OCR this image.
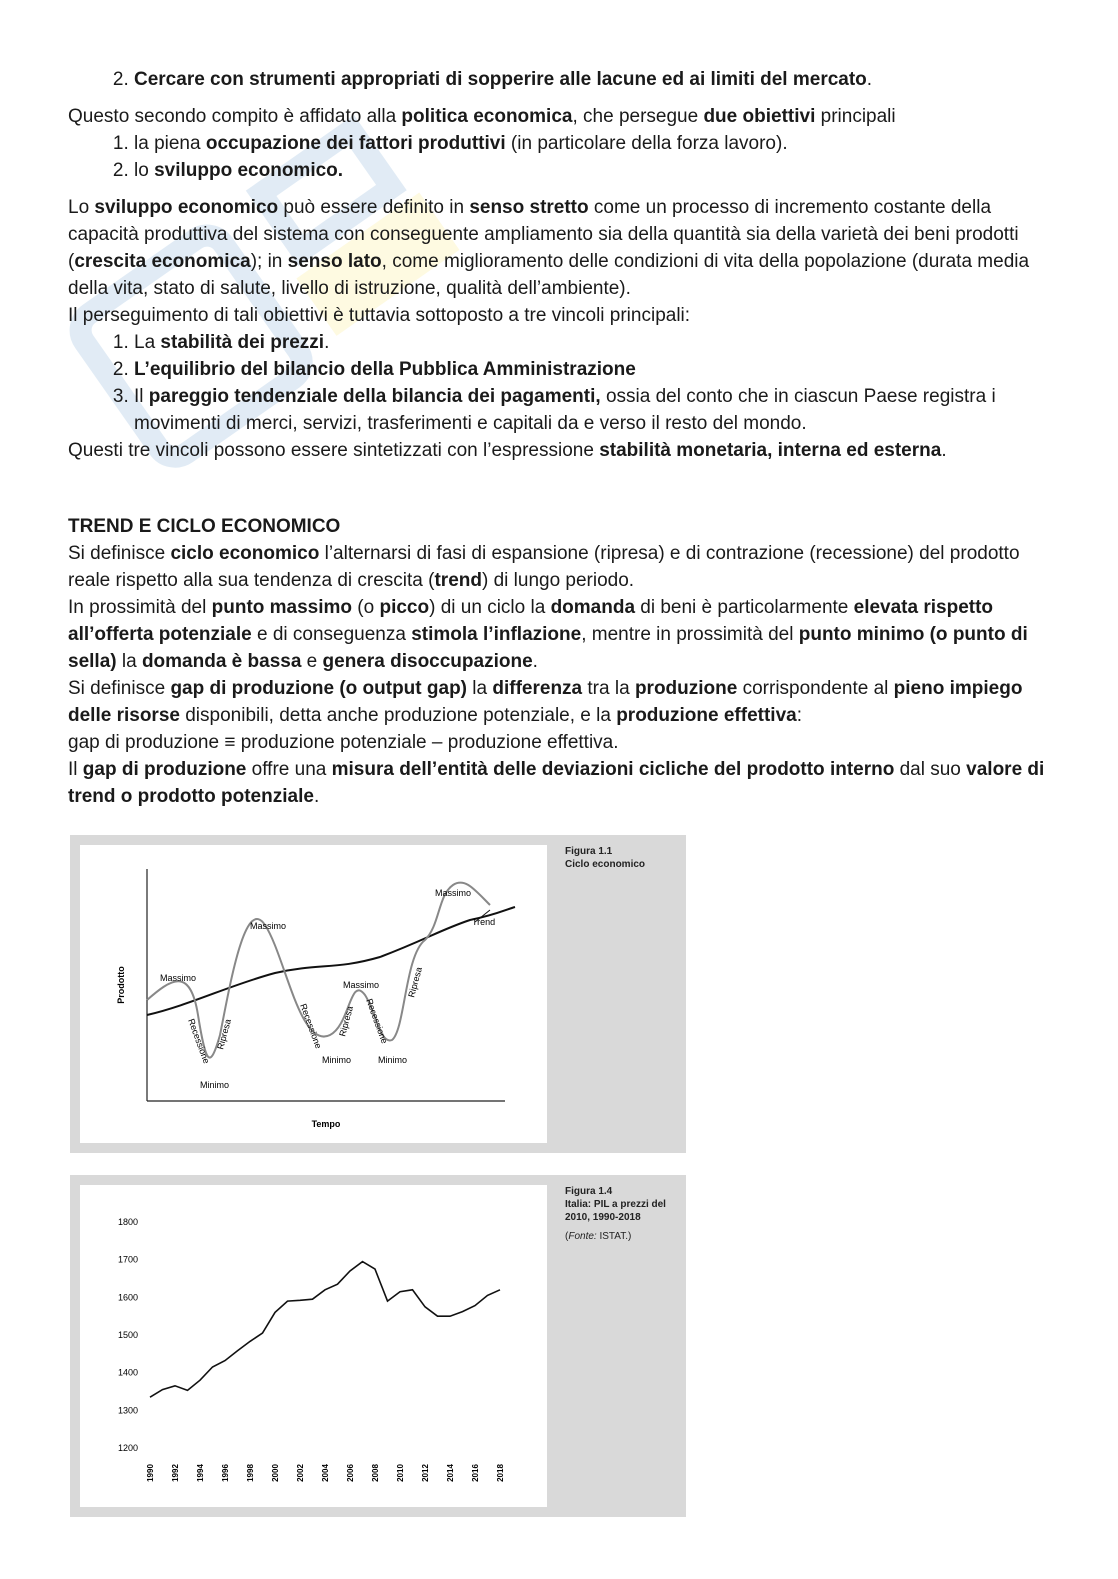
2. Cercare con strumenti appropriati di sopperire alle lacune ed ai limiti del mercato.

Questo secondo compito è affidato alla politica economica, che persegue due obiettivi principali

1. la piena occupazione dei fattori produttivi (in particolare della forza lavoro).
2. lo sviluppo economico.

Lo sviluppo economico può essere definito in senso stretto come un processo di incremento costante della capacità produttiva del sistema con conseguente ampliamento sia della quantità sia della varietà dei beni prodotti (crescita economica); in senso lato, come miglioramento delle condizioni di vita della popolazione (durata media della vita, stato di salute, livello di istruzione, qualità dell’ambiente).

Il perseguimento di tali obiettivi è tuttavia sottoposto a tre vincoli principali:

1. La stabilità dei prezzi.
2. L’equilibrio del bilancio della Pubblica Amministrazione
3. Il pareggio tendenziale della bilancia dei pagamenti, ossia del conto che in ciascun Paese registra i movimenti di merci, servizi, trasferimenti e capitali da e verso il resto del mondo.

Questi tre vincoli possono essere sintetizzati con l’espressione stabilità monetaria, interna ed esterna.

TREND E CICLO ECONOMICO

Si definisce ciclo economico l’alternarsi di fasi di espansione (ripresa) e di contrazione (recessione) del prodotto reale rispetto alla sua tendenza di crescita (trend) di lungo periodo.

In prossimità del punto massimo (o picco) di un ciclo la domanda di beni è particolarmente elevata rispetto all’offerta potenziale e di conseguenza stimola l’inflazione, mentre in prossimità del punto minimo (o punto di sella) la domanda è bassa e genera disoccupazione.

Si definisce gap di produzione (o output gap) la differenza tra la produzione corrispondente al pieno impiego delle risorse disponibili, detta anche produzione potenziale, e la produzione effettiva:

gap di produzione ≡ produzione potenziale – produzione effettiva.

Il gap di produzione offre una misura dell’entità delle deviazioni cicliche del prodotto interno dal suo valore di trend o prodotto potenziale.

Prodotto
Tempo
Massimo
Massimo
Massimo
Massimo
Trend
Minimo
Minimo	Minimo
Recessione	Recessione	Recessione
Ripresa	Ripresa
Ripresa
Figura 1.1
Ciclo economico
1200
1300
1400
1500
1600
1700
1800
1990 1992 1994 1996 1998 2000 2002 2004 2006 2008 2010 2012 2014 2016 2018
Figura 1.4
Italia: PIL a prezzi del 2010, 1990-2018
(Fonte: ISTAT.)
